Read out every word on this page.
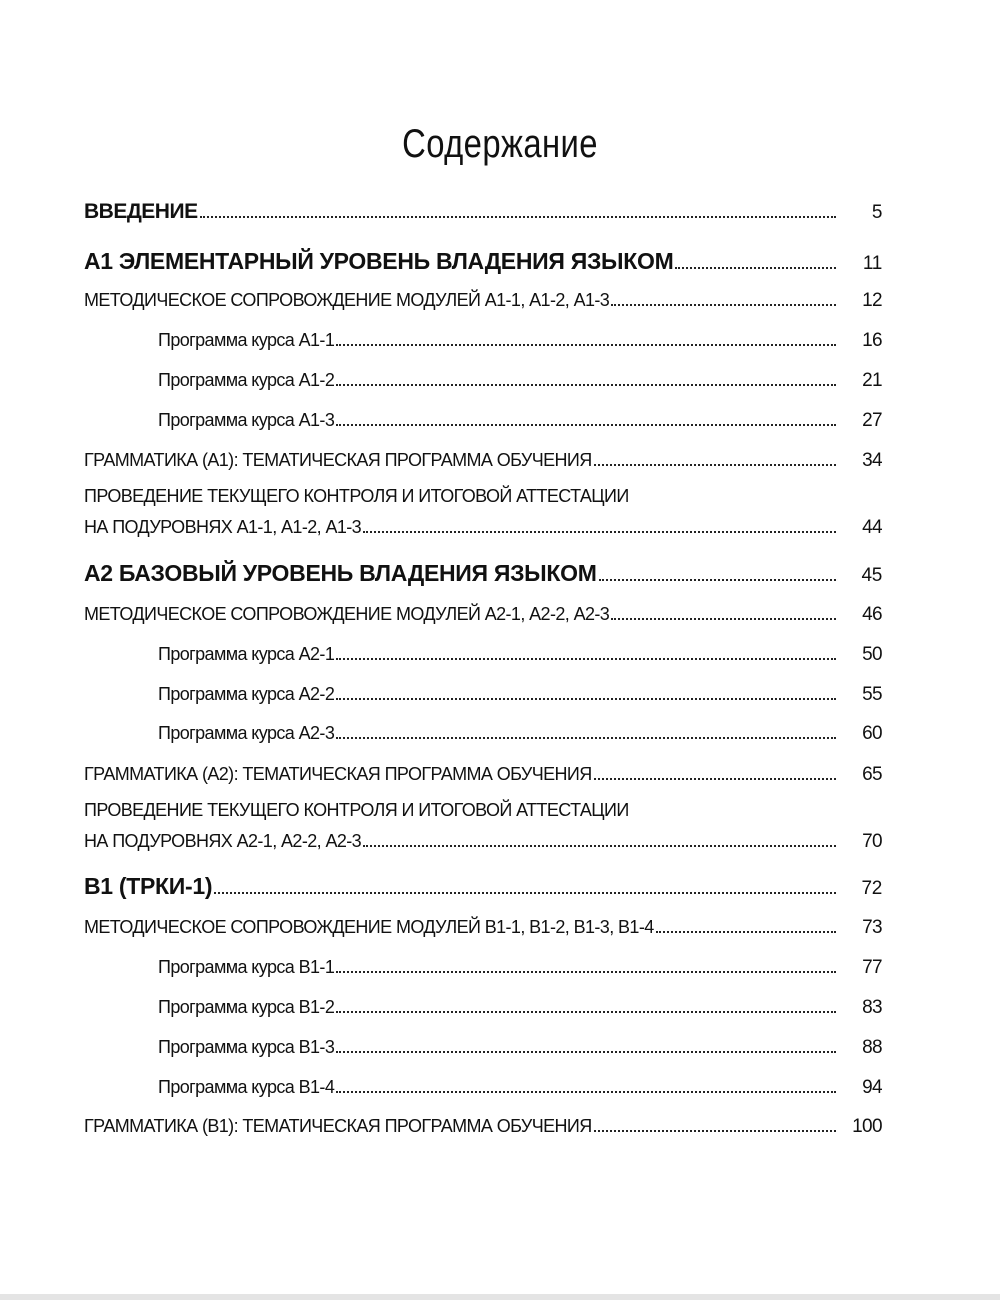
Содержание
ВВЕДЕНИЕ	5
А1 ЭЛЕМЕНТАРНЫЙ УРОВЕНЬ ВЛАДЕНИЯ ЯЗЫКОМ	11
МЕТОДИЧЕСКОЕ СОПРОВОЖДЕНИЕ МОДУЛЕЙ А1-1, А1-2, А1-3	12
Программа курса А1-1	16
Программа курса А1-2	21
Программа курса А1-3	27
ГРАММАТИКА (А1): ТЕМАТИЧЕСКАЯ ПРОГРАММА ОБУЧЕНИЯ	34
ПРОВЕДЕНИЕ ТЕКУЩЕГО КОНТРОЛЯ И ИТОГОВОЙ АТТЕСТАЦИИ
НА ПОДУРОВНЯХ А1-1, А1-2, А1-3	44
А2 БАЗОВЫЙ УРОВЕНЬ ВЛАДЕНИЯ ЯЗЫКОМ	45
МЕТОДИЧЕСКОЕ СОПРОВОЖДЕНИЕ МОДУЛЕЙ А2-1, А2-2, А2-3	46
Программа курса А2-1	50
Программа курса А2-2	55
Программа курса А2-3	60
ГРАММАТИКА (А2): ТЕМАТИЧЕСКАЯ ПРОГРАММА ОБУЧЕНИЯ	65
ПРОВЕДЕНИЕ ТЕКУЩЕГО КОНТРОЛЯ И ИТОГОВОЙ АТТЕСТАЦИИ
НА ПОДУРОВНЯХ А2-1, А2-2, А2-3	70
В1 (ТРКИ-1)	72
МЕТОДИЧЕСКОЕ СОПРОВОЖДЕНИЕ МОДУЛЕЙ В1-1, В1-2, В1-3, В1-4	73
Программа курса В1-1	77
Программа курса В1-2	83
Программа курса В1-3	88
Программа курса В1-4	94
ГРАММАТИКА (В1): ТЕМАТИЧЕСКАЯ ПРОГРАММА ОБУЧЕНИЯ	100
